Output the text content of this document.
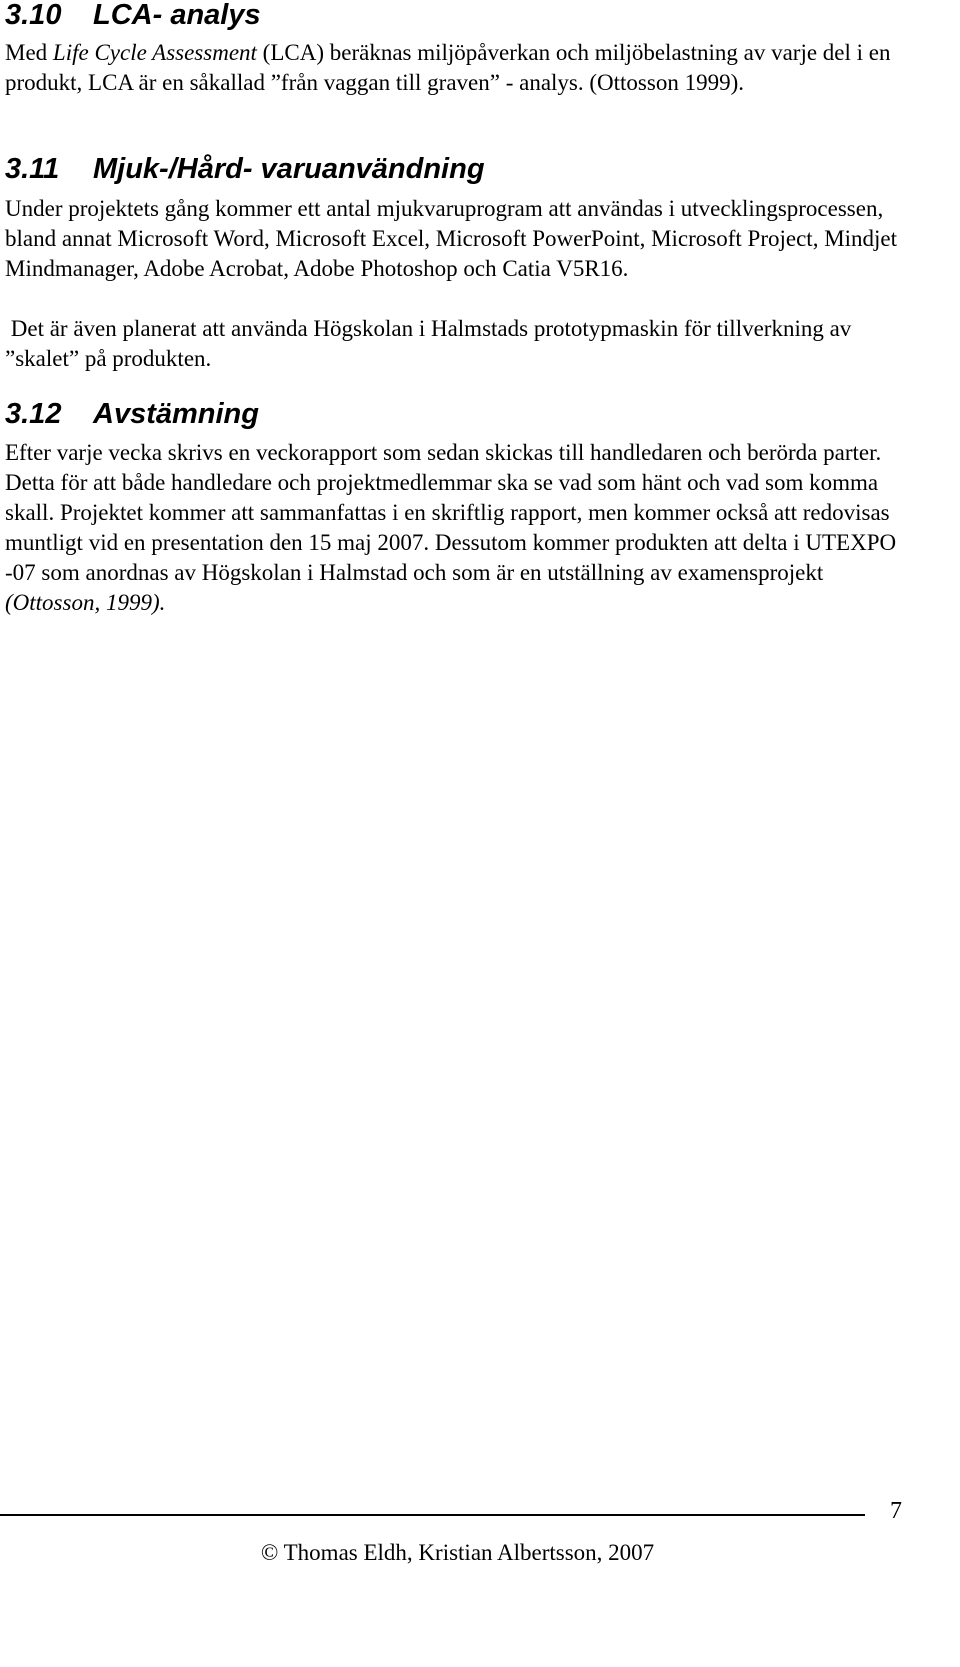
3.10 LCA- analys

Med Life Cycle Assessment (LCA) beräknas miljöpåverkan och miljöbelastning av varje del i en produkt, LCA är en såkallad ”från vaggan till graven” - analys. (Ottosson 1999).

3.11 Mjuk-/Hård- varuanvändning

Under projektets gång kommer ett antal mjukvaruprogram att användas i utvecklingsprocessen, bland annat Microsoft Word, Microsoft Excel, Microsoft PowerPoint, Microsoft Project, Mindjet Mindmanager, Adobe Acrobat, Adobe Photoshop och Catia V5R16.

Det är även planerat att använda Högskolan i Halmstads prototypmaskin för tillverkning av ”skalet” på produkten.

3.12 Avstämning

Efter varje vecka skrivs en veckorapport som sedan skickas till handledaren och berörda parter. Detta för att både handledare och projektmedlemmar ska se vad som hänt och vad som komma skall. Projektet kommer att sammanfattas i en skriftlig rapport, men kommer också att redovisas muntligt vid en presentation den 15 maj 2007. Dessutom kommer produkten att delta i UTEXPO -07 som anordnas av Högskolan i Halmstad och som är en utställning av examensprojekt (Ottosson, 1999).

7
© Thomas Eldh, Kristian Albertsson, 2007
